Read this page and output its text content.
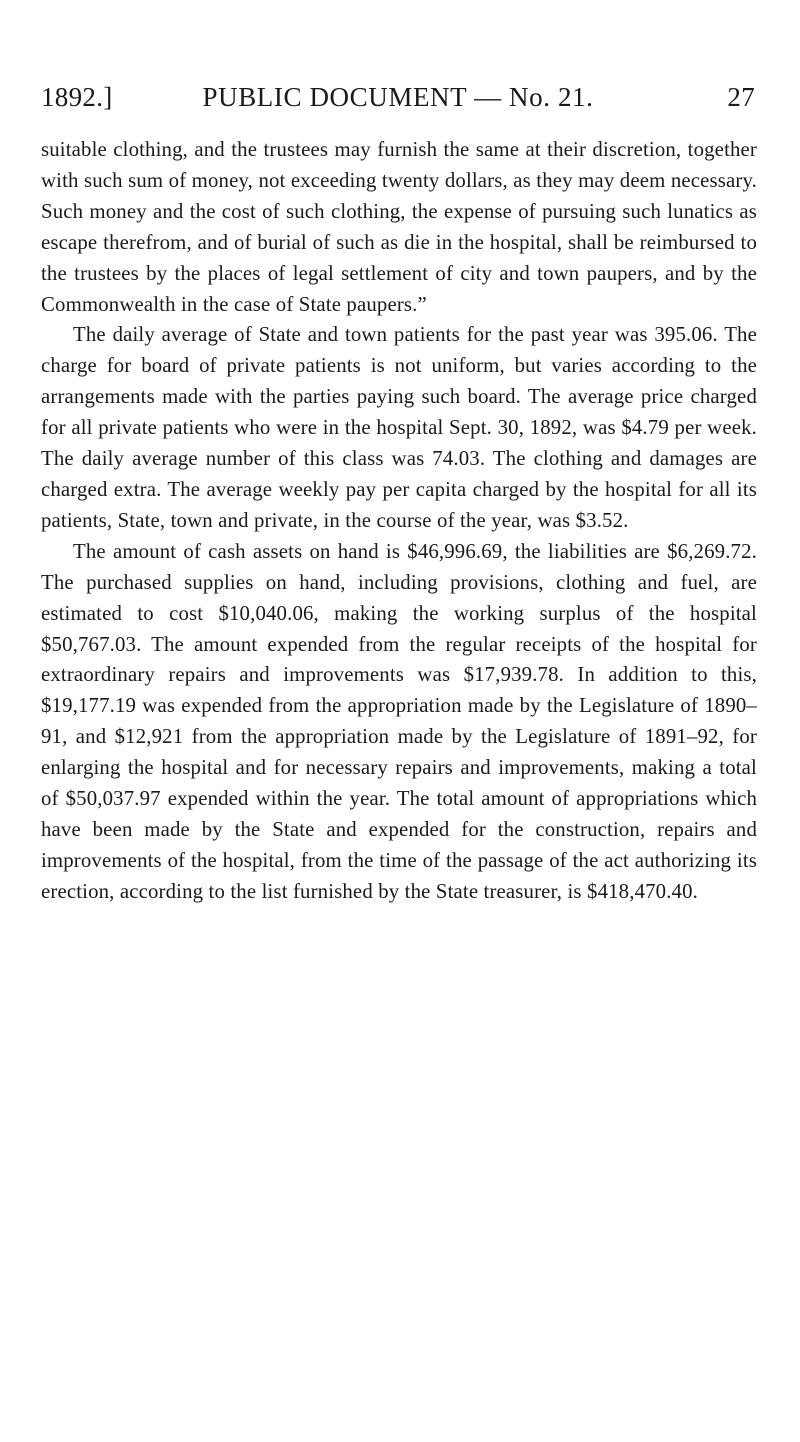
1892.]	PUBLIC DOCUMENT — No. 21.	27

suitable clothing, and the trustees may furnish the same at their discretion, together with such sum of money, not exceeding twenty dollars, as they may deem necessary. Such money and the cost of such clothing, the expense of pursuing such lunatics as escape therefrom, and of burial of such as die in the hospital, shall be reimbursed to the trustees by the places of legal settlement of city and town paupers, and by the Commonwealth in the case of State paupers.”

The daily average of State and town patients for the past year was 395.06. The charge for board of private patients is not uniform, but varies according to the arrangements made with the parties paying such board. The average price charged for all private patients who were in the hospital Sept. 30, 1892, was $4.79 per week. The daily average number of this class was 74.03. The clothing and damages are charged extra. The average weekly pay per capita charged by the hospital for all its patients, State, town and private, in the course of the year, was $3.52.

The amount of cash assets on hand is $46,996.69, the liabilities are $6,269.72. The purchased supplies on hand, including provisions, clothing and fuel, are estimated to cost $10,040.06, making the working surplus of the hospital $50,767.03. The amount expended from the regular receipts of the hospital for extraordinary repairs and improvements was $17,939.78. In addition to this, $19,177.19 was expended from the appropriation made by the Legislature of 1890–91, and $12,921 from the appropriation made by the Legislature of 1891–92, for enlarging the hospital and for necessary repairs and improvements, making a total of $50,037.97 expended within the year. The total amount of appropriations which have been made by the State and expended for the construction, repairs and improvements of the hospital, from the time of the passage of the act authorizing its erection, according to the list furnished by the State treasurer, is $418,470.40.
